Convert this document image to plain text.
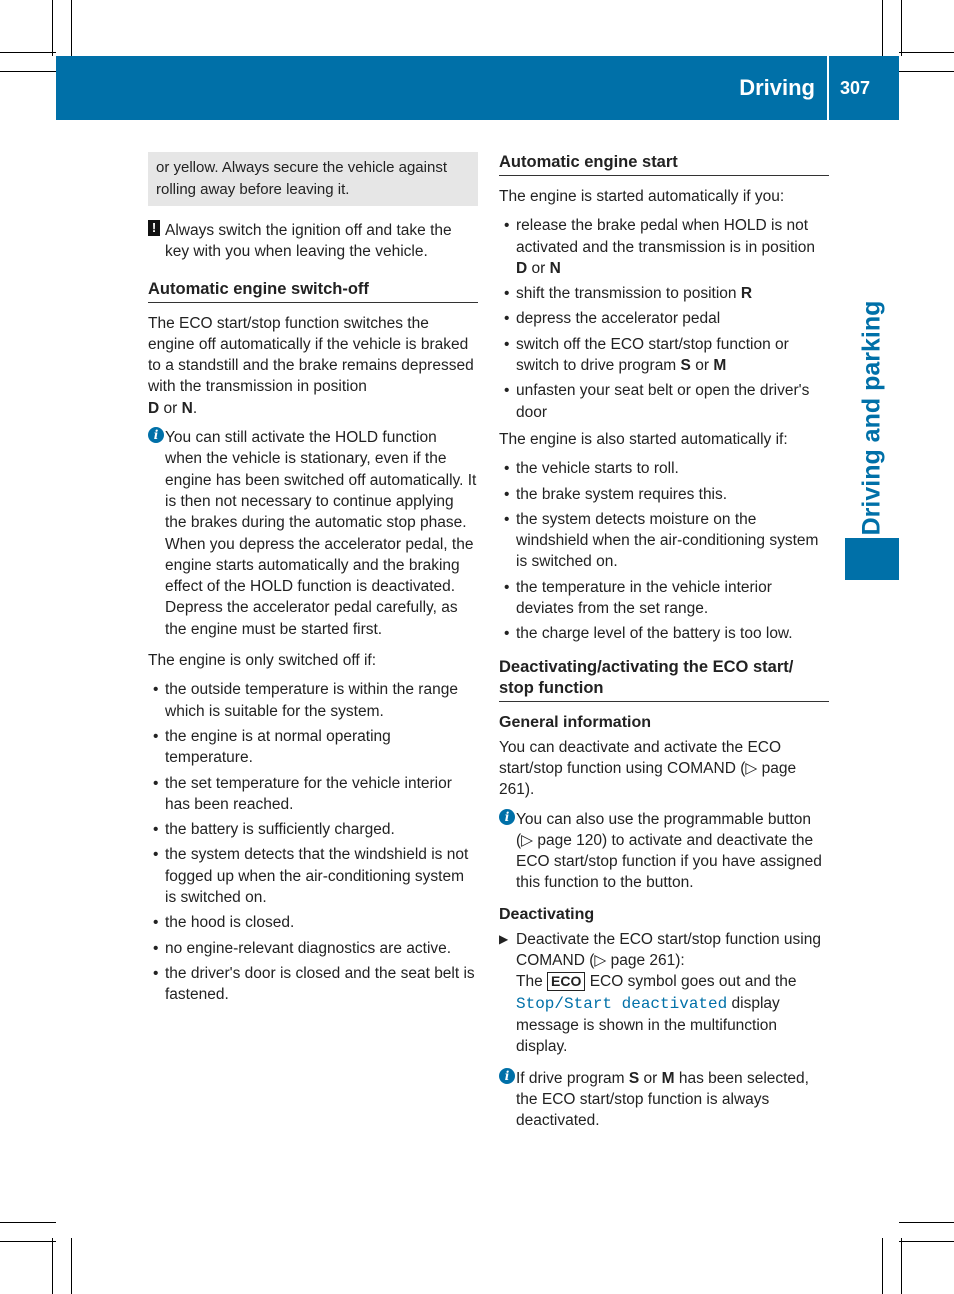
Driving 307
Driving and parking
or yellow. Always secure the vehicle against rolling away before leaving it.
! Always switch the ignition off and take the key with you when leaving the vehicle.
Automatic engine switch-off

The ECO start/stop function switches the engine off automatically if the vehicle is braked to a standstill and the brake remains depressed with the transmission in position
D or N.

i You can still activate the HOLD function when the vehicle is stationary, even if the engine has been switched off automatically. It is then not necessary to continue applying the brakes during the automatic stop phase. When you depress the accelerator pedal, the engine starts automatically and the braking effect of the HOLD function is deactivated. Depress the accelerator pedal carefully, as the engine must be started first.

The engine is only switched off if:

• the outside temperature is within the range which is suitable for the system.
• the engine is at normal operating temperature.
• the set temperature for the vehicle interior has been reached.
• the battery is sufficiently charged.
• the system detects that the windshield is not fogged up when the air-conditioning system is switched on.
• the hood is closed.
• no engine-relevant diagnostics are active.
• the driver's door is closed and the seat belt is fastened.
Automatic engine start

The engine is started automatically if you:

• release the brake pedal when HOLD is not activated and the transmission is in position D or N
• shift the transmission to position R
• depress the accelerator pedal
• switch off the ECO start/stop function or switch to drive program S or M
• unfasten your seat belt or open the driver's door

The engine is also started automatically if:

• the vehicle starts to roll.
• the brake system requires this.
• the system detects moisture on the windshield when the air-conditioning system is switched on.
• the temperature in the vehicle interior deviates from the set range.
• the charge level of the battery is too low.
Deactivating/activating the ECO start/ stop function
General information

You can deactivate and activate the ECO start/stop function using COMAND (▷ page 261).

i You can also use the programmable button (▷ page 120) to activate and deactivate the ECO start/stop function if you have assigned this function to the button.
Deactivating
▶ Deactivate the ECO start/stop function using COMAND (▷ page 261):
The ECO ECO symbol goes out and the Stop/Start deactivated display message is shown in the multifunction display.
i If drive program S or M has been selected, the ECO start/stop function is always deactivated.
